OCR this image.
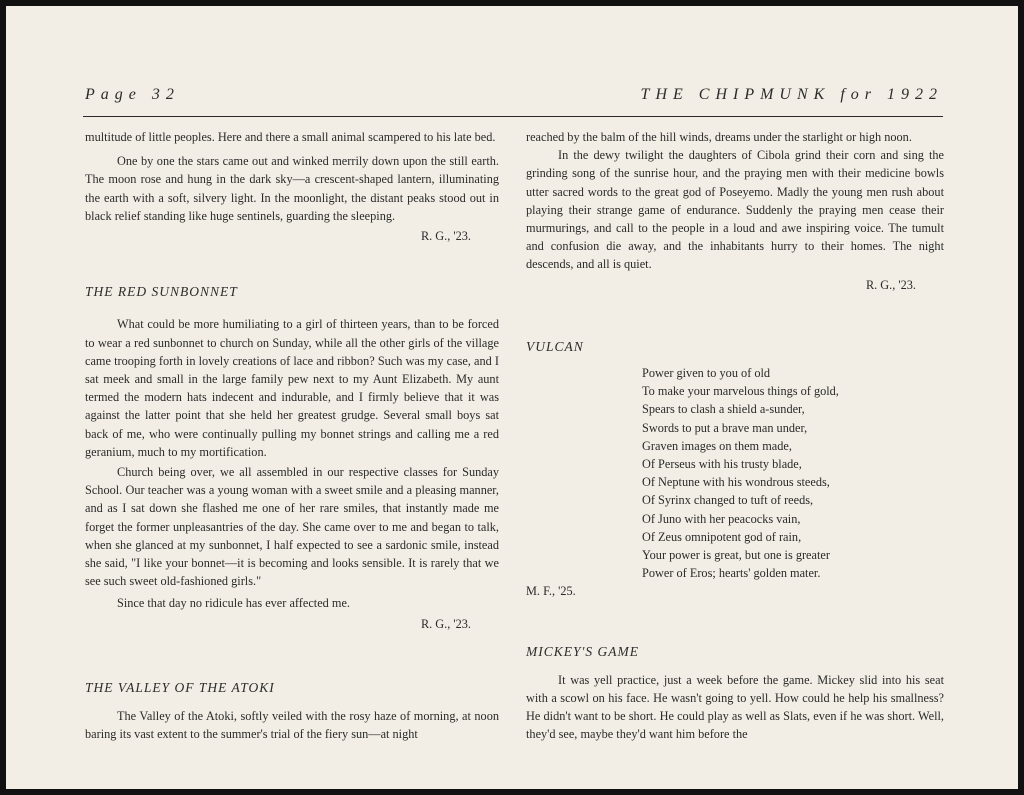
Page 32	THE CHIPMUNK for 1922

multitude of little peoples. Here and there a small animal scampered to his late bed.

One by one the stars came out and winked merrily down upon the still earth. The moon rose and hung in the dark sky—a crescent-shaped lantern, illuminating the earth with a soft, silvery light. In the moonlight, the distant peaks stood out in black relief standing like huge sentinels, guarding the sleeping.

R. G., '23.

THE RED SUNBONNET

What could be more humiliating to a girl of thirteen years, than to be forced to wear a red sunbonnet to church on Sunday, while all the other girls of the village came trooping forth in lovely creations of lace and ribbon? Such was my case, and I sat meek and small in the large family pew next to my Aunt Elizabeth. My aunt termed the modern hats indecent and indurable, and I firmly believe that it was against the latter point that she held her greatest grudge. Several small boys sat back of me, who were continually pulling my bonnet strings and calling me a red geranium, much to my mortification.

Church being over, we all assembled in our respective classes for Sunday School. Our teacher was a young woman with a sweet smile and a pleasing manner, and as I sat down she flashed me one of her rare smiles, that instantly made me forget the former unpleasantries of the day. She came over to me and began to talk, when she glanced at my sunbonnet, I half expected to see a sardonic smile, instead she said, "I like your bonnet—it is becoming and looks sensible. It is rarely that we see such sweet old-fashioned girls."

Since that day no ridicule has ever affected me.

R. G., '23.

THE VALLEY OF THE ATOKI

The Valley of the Atoki, softly veiled with the rosy haze of morning, at noon baring its vast extent to the summer's trial of the fiery sun—at night

reached by the balm of the hill winds, dreams under the starlight or high noon.

In the dewy twilight the daughters of Cibola grind their corn and sing the grinding song of the sunrise hour, and the praying men with their medicine bowls utter sacred words to the great god of Poseyemo. Madly the young men rush about playing their strange game of endurance. Suddenly the praying men cease their murmurings, and call to the people in a loud and awe inspiring voice. The tumult and confusion die away, and the inhabitants hurry to their homes. The night descends, and all is quiet.

R. G., '23.

VULCAN

Power given to you of old

To make your marvelous things of gold,

Spears to clash a shield a-sunder,

Swords to put a brave man under,

Graven images on them made,

Of Perseus with his trusty blade,

Of Neptune with his wondrous steeds,

Of Syrinx changed to tuft of reeds,

Of Juno with her peacocks vain,

Of Zeus omnipotent god of rain,

Your power is great, but one is greater

Power of Eros; hearts' golden mater.

M. F., '25.

MICKEY'S GAME

It was yell practice, just a week before the game. Mickey slid into his seat with a scowl on his face. He wasn't going to yell. How could he help his smallness? He didn't want to be short. He could play as well as Slats, even if he was short. Well, they'd see, maybe they'd want him before the
